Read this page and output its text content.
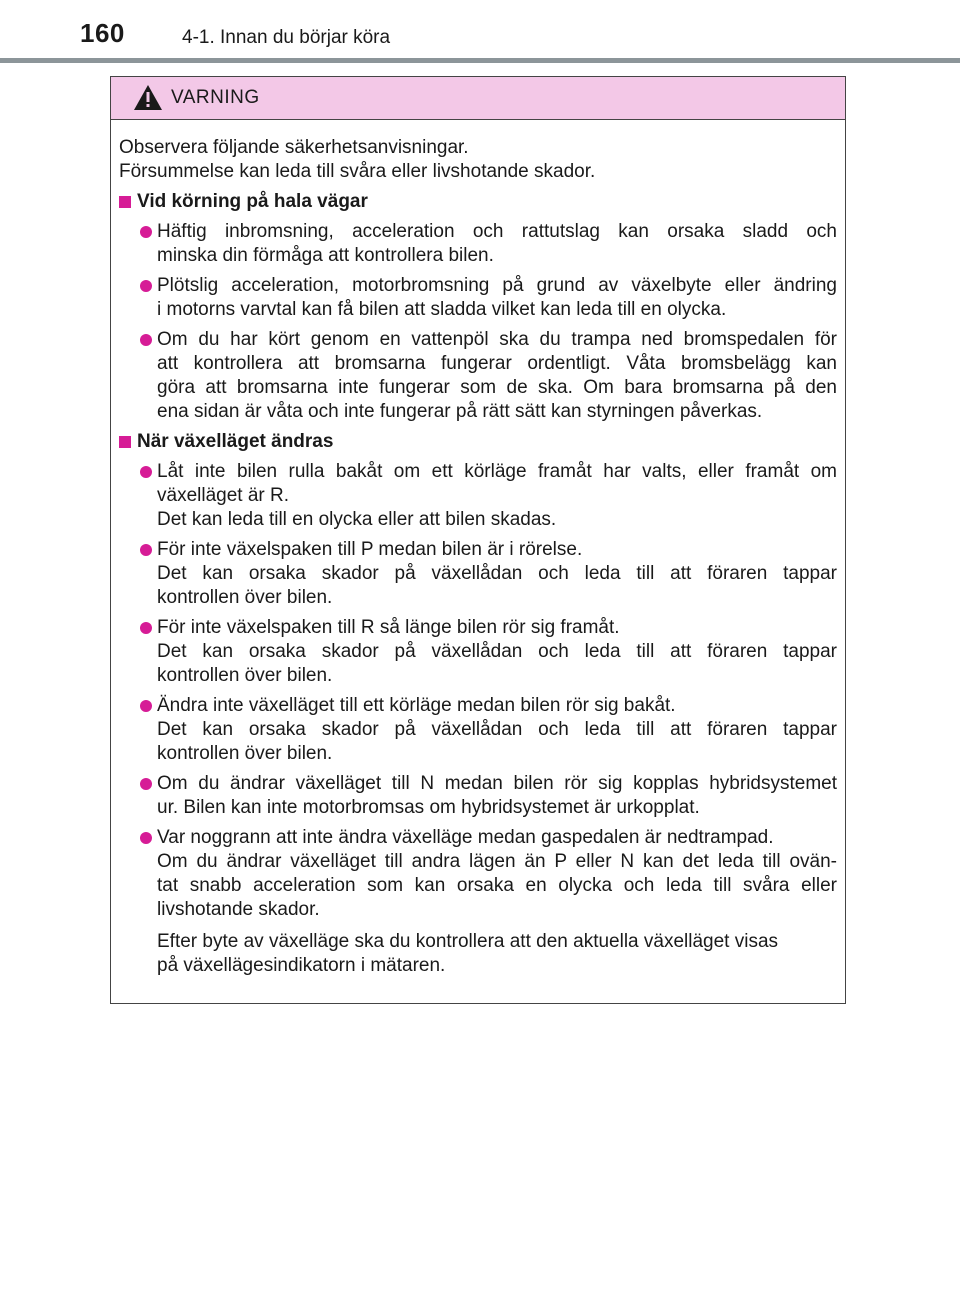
160	4-1. Innan du börjar köra
VARNING

Observera följande säkerhetsanvisningar.

Försummelse kan leda till svåra eller livshotande skador.

Vid körning på hala vägar
Häftig inbromsning, acceleration och rattutslag kan orsaka sladd och
minska din förmåga att kontrollera bilen.
Plötslig acceleration, motorbromsning på grund av växelbyte eller ändring
i motorns varvtal kan få bilen att sladda vilket kan leda till en olycka.
Om du har kört genom en vattenpöl ska du trampa ned bromspedalen för
att kontrollera att bromsarna fungerar ordentligt. Våta bromsbelägg kan
göra att bromsarna inte fungerar som de ska. Om bara bromsarna på den
ena sidan är våta och inte fungerar på rätt sätt kan styrningen påverkas.
När växelläget ändras
Låt inte bilen rulla bakåt om ett körläge framåt har valts, eller framåt om
växelläget är R.
Det kan leda till en olycka eller att bilen skadas.
För inte växelspaken till P medan bilen är i rörelse.
Det kan orsaka skador på växellådan och leda till att föraren tappar
kontrollen över bilen.
För inte växelspaken till R så länge bilen rör sig framåt.
Det kan orsaka skador på växellådan och leda till att föraren tappar
kontrollen över bilen.
Ändra inte växelläget till ett körläge medan bilen rör sig bakåt.
Det kan orsaka skador på växellådan och leda till att föraren tappar
kontrollen över bilen.
Om du ändrar växelläget till N medan bilen rör sig kopplas hybridsystemet
ur. Bilen kan inte motorbromsas om hybridsystemet är urkopplat.
Var noggrann att inte ändra växelläge medan gaspedalen är nedtrampad.
Om du ändrar växelläget till andra lägen än P eller N kan det leda till ovän-
tat snabb acceleration som kan orsaka en olycka och leda till svåra eller
livshotande skador.
Efter byte av växelläge ska du kontrollera att den aktuella växelläget visas
på växellägesindikatorn i mätaren.
